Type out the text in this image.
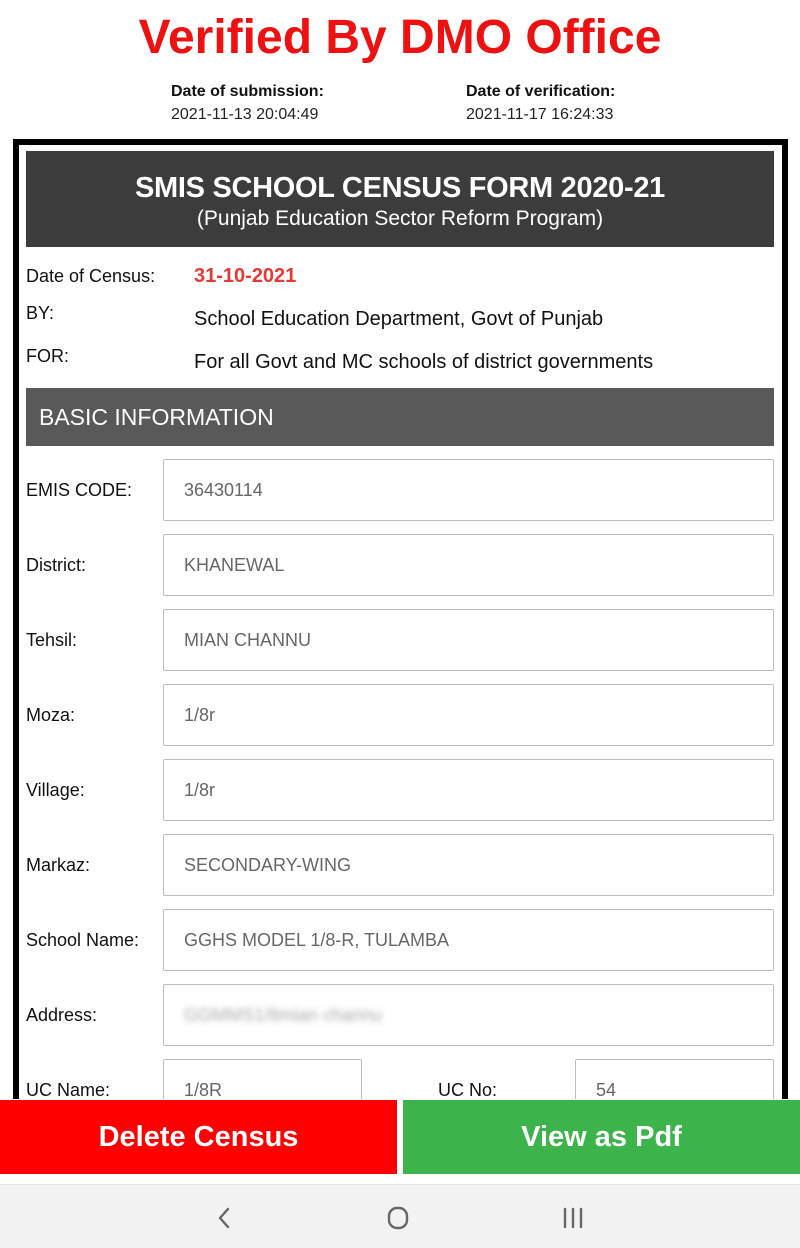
Verified By DMO Office
Date of submission:
2021-11-13 20:04:49
Date of verification:
2021-11-17 16:24:33
SMIS SCHOOL CENSUS FORM 2020-21
(Punjab Education Sector Reform Program)
Date of Census: 31-10-2021
BY:	School Education Department, Govt of Punjab
FOR:	For all Govt and MC schools of district governments
BASIC INFORMATION
EMIS CODE:	36430114
District:	KHANEWAL
Tehsil:	MIAN CHANNU
Moza:	1/8r
Village:	1/8r
Markaz:	SECONDARY-WING
School Name:	GGHS MODEL 1/8-R, TULAMBA
Address:	GGMMS1/8mian channu
UC Name:	1/8R	UC No:	54
Delete Census	View as Pdf
